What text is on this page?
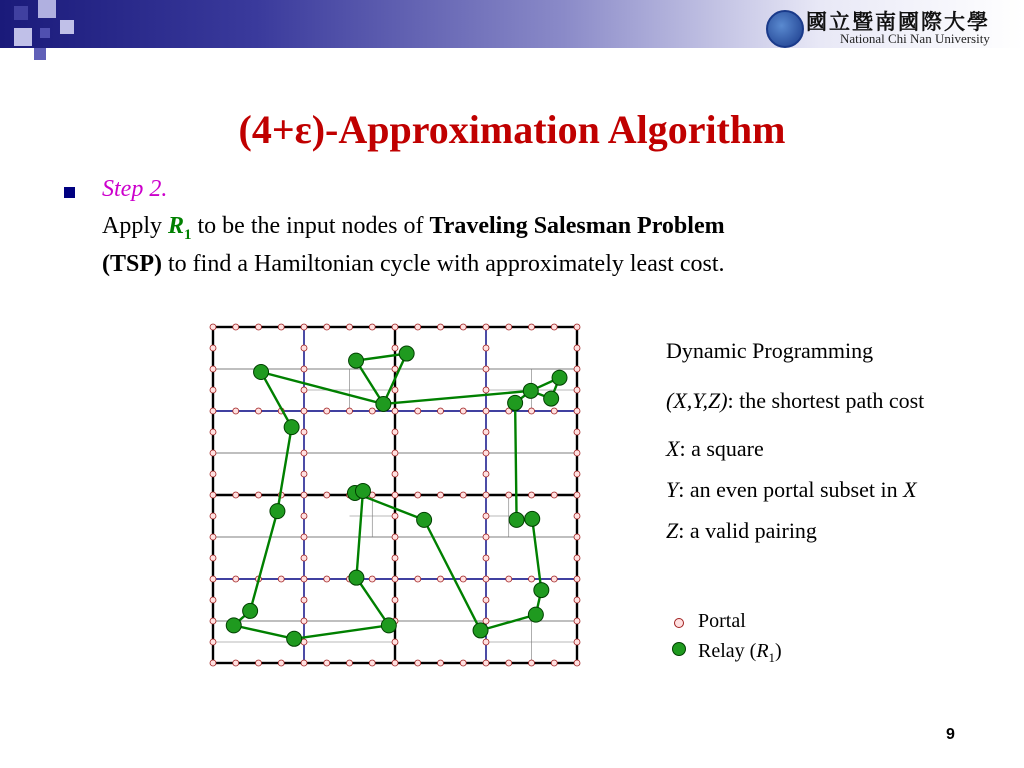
國立暨南國際大學
National Chi Nan University
(4+ε)-Approximation Algorithm
Step 2.
Apply $R_1$ to be the input nodes of Traveling Salesman Problem
(TSP) to find a Hamiltonian cycle with approximately least cost.
Dynamic Programming
(X,Y,Z): the shortest path cost
X: a square
Y: an even portal subset in X
Z: a valid pairing
Portal
Relay $(R_1)$
9
